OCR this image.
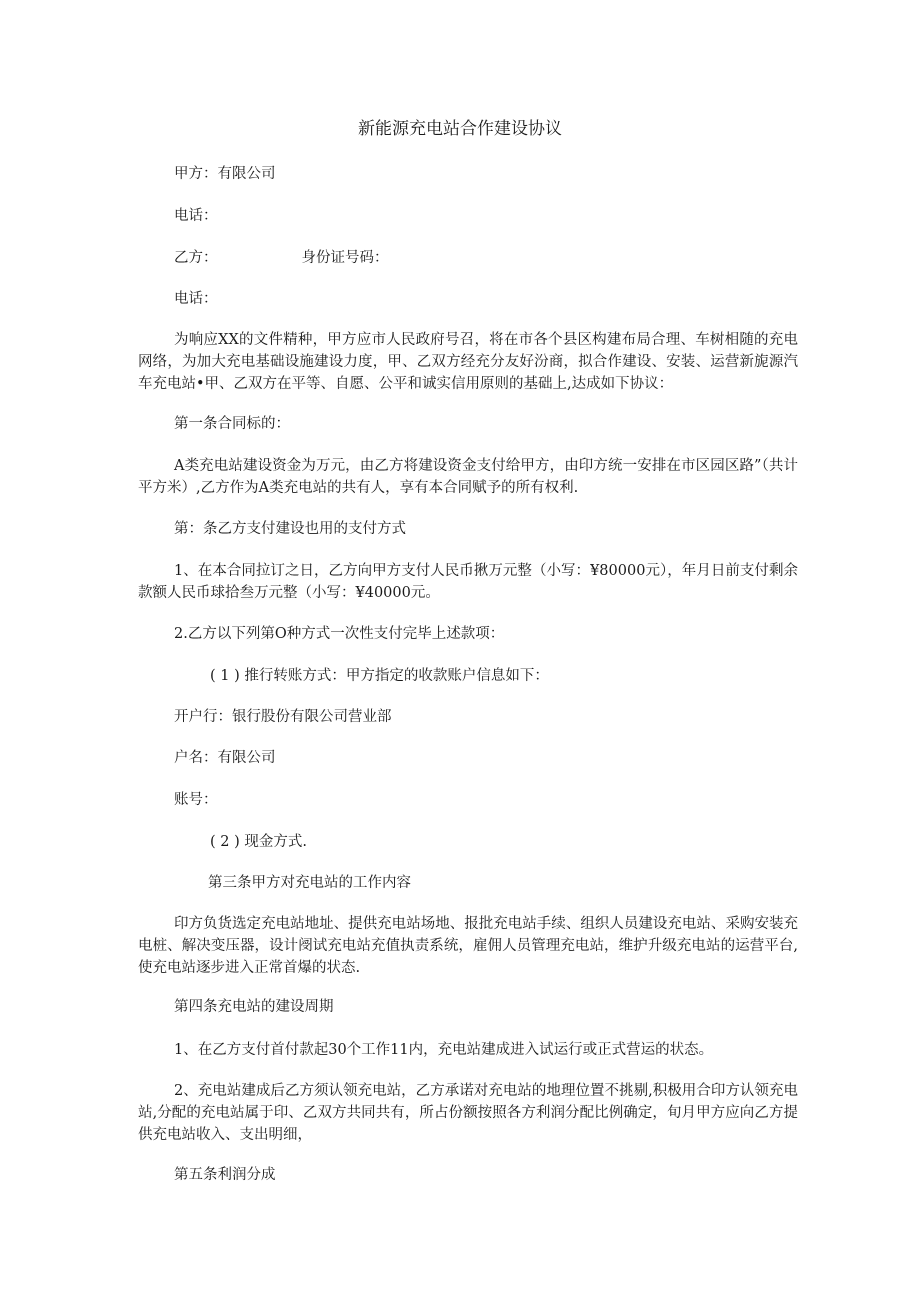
新能源充电站合作建设协议
甲方：有限公司
电话：
乙方：	身份证号码：
电话：
为响应XX的文件精种，甲方应市人民政府号召，将在市各个县区构建布局合理、车树相随的充电网络，为加大充电基础设施建设力度，甲、乙双方经充分友好汾商，拟合作建设、安装、运营新旎源汽车充电站•甲、乙双方在平等、自愿、公平和诚实信用原则的基础上,达成如下协议：
第一条合同标的：
A类充电站建设资金为万元，由乙方将建设资金支付给甲方，由印方统一安排在市区园区路”（共计平方米）,乙方作为A类充电站的共有人，享有本合同赋予的所有权利.
第：条乙方支付建设也用的支付方式
1、在本合同拉订之日，乙方向甲方支付人民币揪万元整（小写：¥80000元），年月日前支付剩余款额人民币球拾叁万元整（小写：¥40000元。
2.乙方以下列第O种方式一次性支付完毕上述款项：
( 1 ) 推行转账方式：甲方指定的收款账户信息如下：
开户行：银行股份有限公司营业部
户名：有限公司
账号：
( 2 ) 现金方式.
第三条甲方对充电站的工作内容
印方负货选定充电站地址、提供充电站场地、报批充电站手续、组织人员建设充电站、采购安装充电桩、解决变压器，设计阌试充电站充值执责系统，雇佣人员管理充电站，维护升级充电站的运营平台,使充电站逐步进入正常首爆的状态.
第四条充电站的建设周期
1、在乙方支付首付款起30个工作11内，充电站建成进入试运行或正式营运的状态。
2、充电站建成后乙方须认领充电站，乙方承诺对充电站的地理位置不挑剔,积极用合印方认领充电站,分配的充电站属于印、乙双方共同共有，所占份额按照各方利润分配比例确定，旬月甲方应向乙方提供充电站收入、支出明细，
第五条利润分成
